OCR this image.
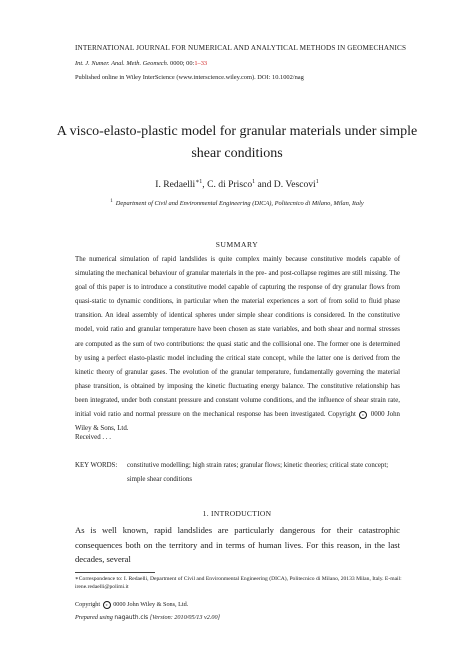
INTERNATIONAL JOURNAL FOR NUMERICAL AND ANALYTICAL METHODS IN GEOMECHANICS
Int. J. Numer. Anal. Meth. Geomech. 0000; 00:1–33
Published online in Wiley InterScience (www.interscience.wiley.com). DOI: 10.1002/nag
A visco-elasto-plastic model for granular materials under simple shear conditions
I. Redaelli$^{∗1}$, C. di Prisco$^1$ and D. Vescovi$^1$
$^1$ Department of Civil and Environmental Engineering (DICA), Politecnico di Milano, Milan, Italy
SUMMARY
The numerical simulation of rapid landslides is quite complex mainly because constitutive models capable of simulating the mechanical behaviour of granular materials in the pre- and post-collapse regimes are still missing. The goal of this paper is to introduce a constitutive model capable of capturing the response of dry granular flows from quasi-static to dynamic conditions, in particular when the material experiences a sort of from solid to fluid phase transition. An ideal assembly of identical spheres under simple shear conditions is considered. In the constitutive model, void ratio and granular temperature have been chosen as state variables, and both shear and normal stresses are computed as the sum of two contributions: the quasi static and the collisional one. The former one is determined by using a perfect elasto-plastic model including the critical state concept, while the latter one is derived from the kinetic theory of granular gases. The evolution of the granular temperature, fundamentally governing the material phase transition, is obtained by imposing the kinetic fluctuating energy balance. The constitutive relationship has been integrated, under both constant pressure and constant volume conditions, and the influence of shear strain rate, initial void ratio and normal pressure on the mechanical response has been investigated. Copyright c 0000 John Wiley & Sons, Ltd.
Received . . .
KEY WORDS: constitutive modelling; high strain rates; granular flows; kinetic theories; critical state concept; simple shear conditions
1. INTRODUCTION
As is well known, rapid landslides are particularly dangerous for their catastrophic consequences both on the territory and in terms of human lives. For this reason, in the last decades, several
∗Correspondence to: I. Redaelli, Department of Civil and Environmental Engineering (DICA), Politecnico di Milano, 20133 Milan, Italy. E-mail: irene.redaelli@polimi.it
Copyright c 0000 John Wiley & Sons, Ltd.
Prepared using nagauth.cls [Version: 2010/05/13 v2.00]
